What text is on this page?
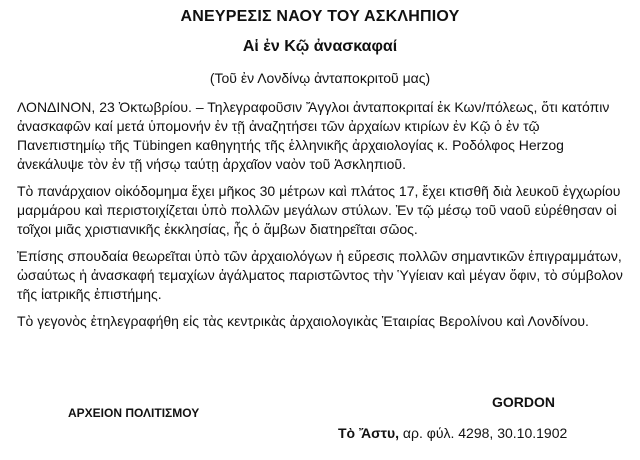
ΑΝΕΥΡΕΣΙΣ ΝΑΟΥ ΤΟΥ ΑΣΚΛΗΠΙΟΥ
Αἱ ἐν Κῷ ἀνασκαφαί
(Τοῦ ἐν Λονδίνῳ ἀνταποκριτοῦ μας)

ΛΟΝΔΙΝΟΝ, 23 Ὀκτωβρίου. – Τηλεγραφοῦσιν Ἄγγλοι ἀνταποκριταί ἐκ Κων/πόλεως, ὅτι κατόπιν ἀνασκαφῶν καί μετά ὑπομονήν ἐν τῇ ἀναζητήσει τῶν ἀρχαίων κτιρίων ἐν Κῷ ὁ ἐν τῷ Πανεπιστημίῳ τῆς Tübingen καθηγητής τῆς ἑλληνικῆς ἀρχαιολογίας κ. Ροδόλφος Herzog ἀνεκάλυψε τὸν ἐν τῇ νήσῳ ταύτῃ ἀρχαῖον ναὸν τοῦ Ἀσκληπιοῦ.

Τὸ πανάρχαιον οἰκόδομημα ἔχει μῆκος 30 μέτρων καὶ πλάτος 17, ἔχει κτισθῆ διὰ λευκοῦ ἐγχωρίου μαρμάρου καὶ περιστοιχίζεται ὑπὸ πολλῶν μεγάλων στύλων. Ἐν τῷ μέσῳ τοῦ ναοῦ εὑρέθησαν οἱ τοῖχοι μιᾶς χριστιανικῆς ἐκκλησίας, ἧς ὁ ἄμβων διατηρεῖται σῶος.

Ἐπίσης σπουδαία θεωρεῖται ὑπὸ τῶν ἀρχαιολόγων ἡ εὕρεσις πολλῶν σημαντικῶν ἐπιγραμμάτων, ὡσαύτως ἡ ἀνασκαφή τεμαχίων ἀγάλματος παριστῶντος τὴν Ὑγίειαν καὶ μέγαν ὄφιν, τὸ σύμβολον τῆς ἰατρικῆς ἐπιστήμης.

Τὸ γεγονὸς ἐτηλεγραφήθη εἰς τὰς κεντρικὰς ἀρχαιολογικὰς Ἑταιρίας Βερολίνου καὶ Λονδίνου.

GORDON
ΑΡΧΕΙΟΝ ΠΟΛΙΤΙΣΜΟΥ
Τὸ Ἄστυ, αρ. φύλ. 4298, 30.10.1902
